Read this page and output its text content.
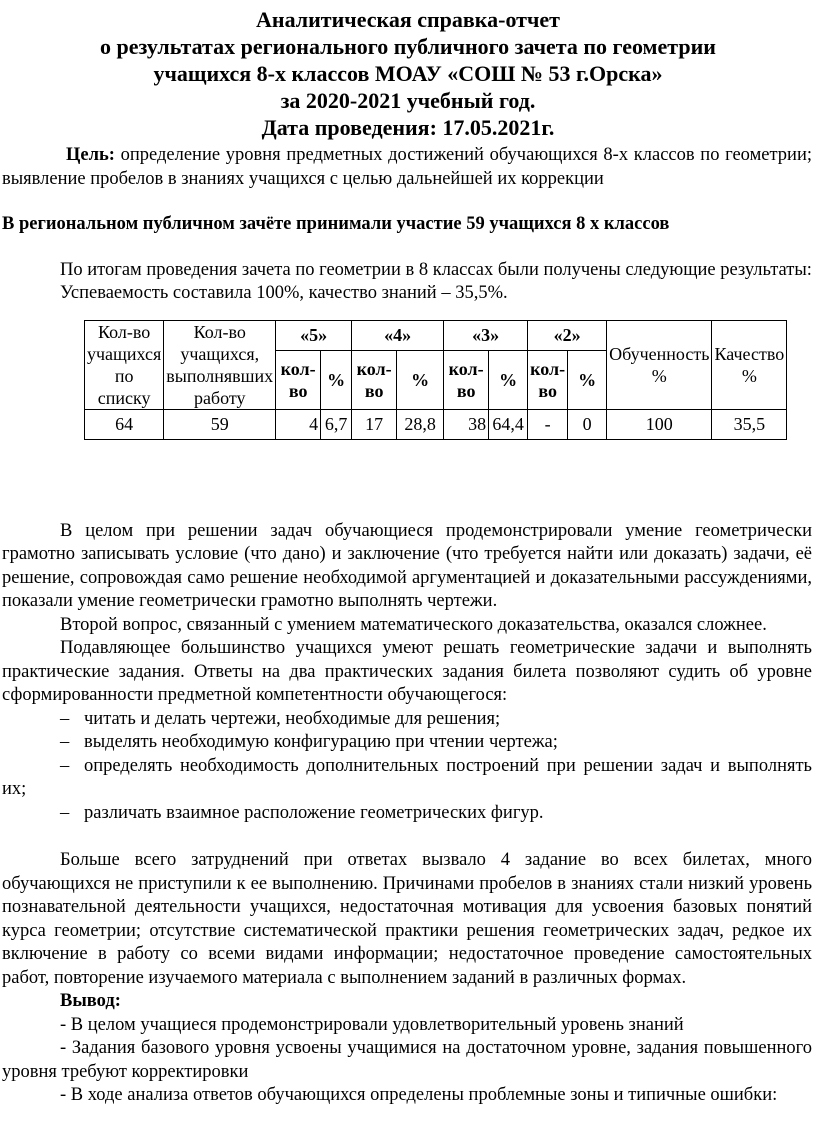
Аналитическая справка-отчет

о результатах регионального публичного зачета по геометрии

учащихся 8-х классов МОАУ «СОШ № 53 г.Орска»

за 2020-2021 учебный год.

Дата проведения: 17.05.2021г.

Цель: определение уровня предметных достижений обучающихся 8-х классов по геометрии; выявление пробелов в знаниях учащихся с целью дальнейшей их коррекции

В региональном публичном зачёте принимали участие 59 учащихся 8 х классов

По итогам проведения зачета по геометрии в 8 классах были получены следующие результаты:

Успеваемость составила 100%, качество знаний – 35,5%.

Кол-во учащихся по списку	Кол-во учащихся, выполнявших работу	«5»		«4»		«3»		«2»		Обученность %	Качество %
		кол-во	%	кол-во	%	кол-во	%	кол-во	%		
64	59	4	6,7	17	28,8	38	64,4	-	0	100	35,5

В целом при решении задач обучающиеся продемонстрировали умение геометрически грамотно записывать условие (что дано) и заключение (что требуется найти или доказать) задачи, её решение, сопровождая само решение необходимой аргументацией и доказательными рассуждениями, показали умение геометрически грамотно выполнять чертежи.

Второй вопрос, связанный с умением математического доказательства, оказался сложнее.

Подавляющее большинство учащихся умеют решать геометрические задачи и выполнять практические задания. Ответы на два практических задания билета позволяют судить об уровне сформированности предметной компетентности обучающегося:

– читать и делать чертежи, необходимые для решения;

– выделять необходимую конфигурацию при чтении чертежа;

– определять необходимость дополнительных построений при решении задач и выполнять их;

– различать взаимное расположение геометрических фигур.

Больше всего затруднений при ответах вызвало 4 задание во всех билетах, много обучающихся не приступили к ее выполнению. Причинами пробелов в знаниях стали низкий уровень познавательной деятельности учащихся, недостаточная мотивация для усвоения базовых понятий курса геометрии; отсутствие систематической практики решения геометрических задач, редкое их включение в работу со всеми видами информации; недостаточное проведение самостоятельных работ, повторение изучаемого материала с выполнением заданий в различных формах.

Вывод:

- В целом учащиеся продемонстрировали удовлетворительный уровень знаний

- Задания базового уровня усвоены учащимися на достаточном уровне, задания повышенного уровня требуют корректировки

- В ходе анализа ответов обучающихся определены проблемные зоны и типичные ошибки:
